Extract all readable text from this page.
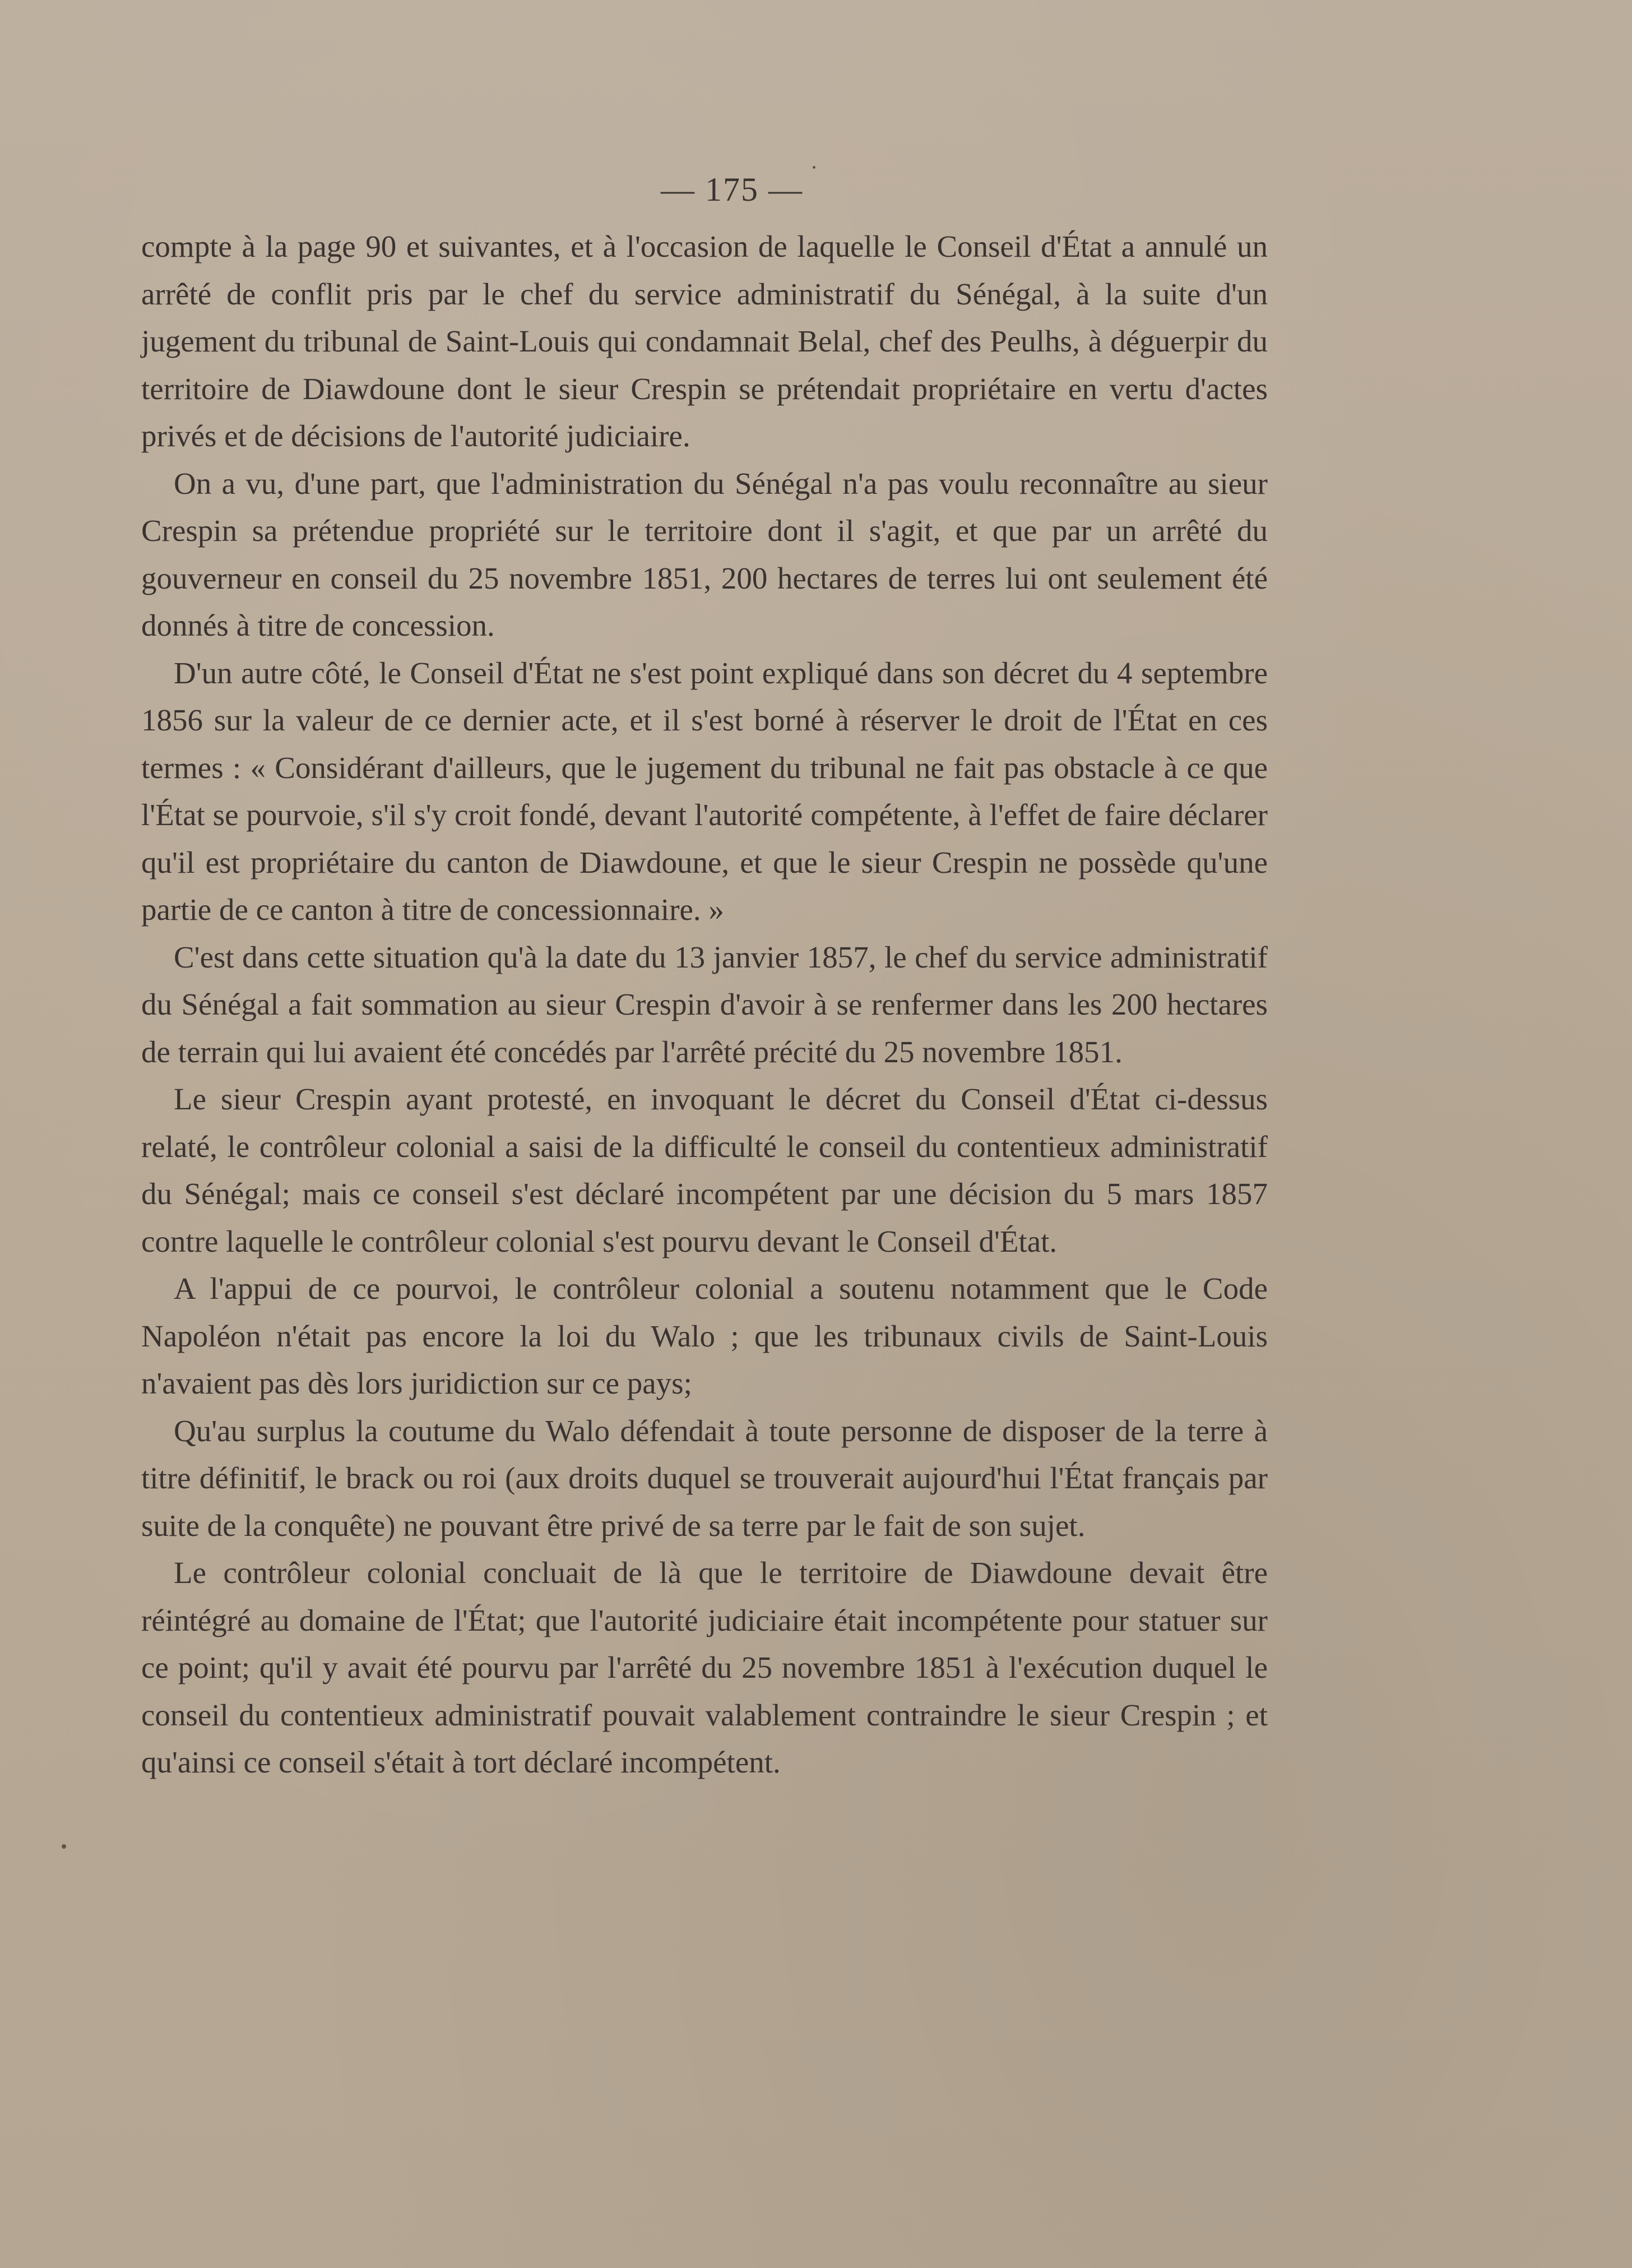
— 175 —

compte à la page 90 et suivantes, et à l'occasion de laquelle le Conseil d'État a annulé un arrêté de conflit pris par le chef du service administratif du Sénégal, à la suite d'un jugement du tribunal de Saint-Louis qui condamnait Belal, chef des Peulhs, à déguerpir du territoire de Diawdoune dont le sieur Crespin se prétendait propriétaire en vertu d'actes privés et de décisions de l'autorité judiciaire.

On a vu, d'une part, que l'administration du Sénégal n'a pas voulu reconnaître au sieur Crespin sa prétendue propriété sur le territoire dont il s'agit, et que par un arrêté du gouverneur en conseil du 25 novembre 1851, 200 hectares de terres lui ont seulement été donnés à titre de concession.

D'un autre côté, le Conseil d'État ne s'est point expliqué dans son décret du 4 septembre 1856 sur la valeur de ce dernier acte, et il s'est borné à réserver le droit de l'État en ces termes : « Considérant d'ailleurs, que le jugement du tribunal ne fait pas obstacle à ce que l'État se pourvoie, s'il s'y croit fondé, devant l'autorité compétente, à l'effet de faire déclarer qu'il est propriétaire du canton de Diawdoune, et que le sieur Crespin ne possède qu'une partie de ce canton à titre de concessionnaire. »

C'est dans cette situation qu'à la date du 13 janvier 1857, le chef du service administratif du Sénégal a fait sommation au sieur Crespin d'avoir à se renfermer dans les 200 hectares de terrain qui lui avaient été concédés par l'arrêté précité du 25 novembre 1851.

Le sieur Crespin ayant protesté, en invoquant le décret du Conseil d'État ci-dessus relaté, le contrôleur colonial a saisi de la difficulté le conseil du contentieux administratif du Sénégal; mais ce conseil s'est déclaré incompétent par une décision du 5 mars 1857 contre laquelle le contrôleur colonial s'est pourvu devant le Conseil d'État.

A l'appui de ce pourvoi, le contrôleur colonial a soutenu notamment que le Code Napoléon n'était pas encore la loi du Walo ; que les tribunaux civils de Saint-Louis n'avaient pas dès lors juridiction sur ce pays;

Qu'au surplus la coutume du Walo défendait à toute personne de disposer de la terre à titre définitif, le brack ou roi (aux droits duquel se trouverait aujourd'hui l'État français par suite de la conquête) ne pouvant être privé de sa terre par le fait de son sujet.

Le contrôleur colonial concluait de là que le territoire de Diawdoune devait être réintégré au domaine de l'État; que l'autorité judiciaire était incompétente pour statuer sur ce point; qu'il y avait été pourvu par l'arrêté du 25 novembre 1851 à l'exécution duquel le conseil du contentieux administratif pouvait valablement contraindre le sieur Crespin ; et qu'ainsi ce conseil s'était à tort déclaré incompétent.
